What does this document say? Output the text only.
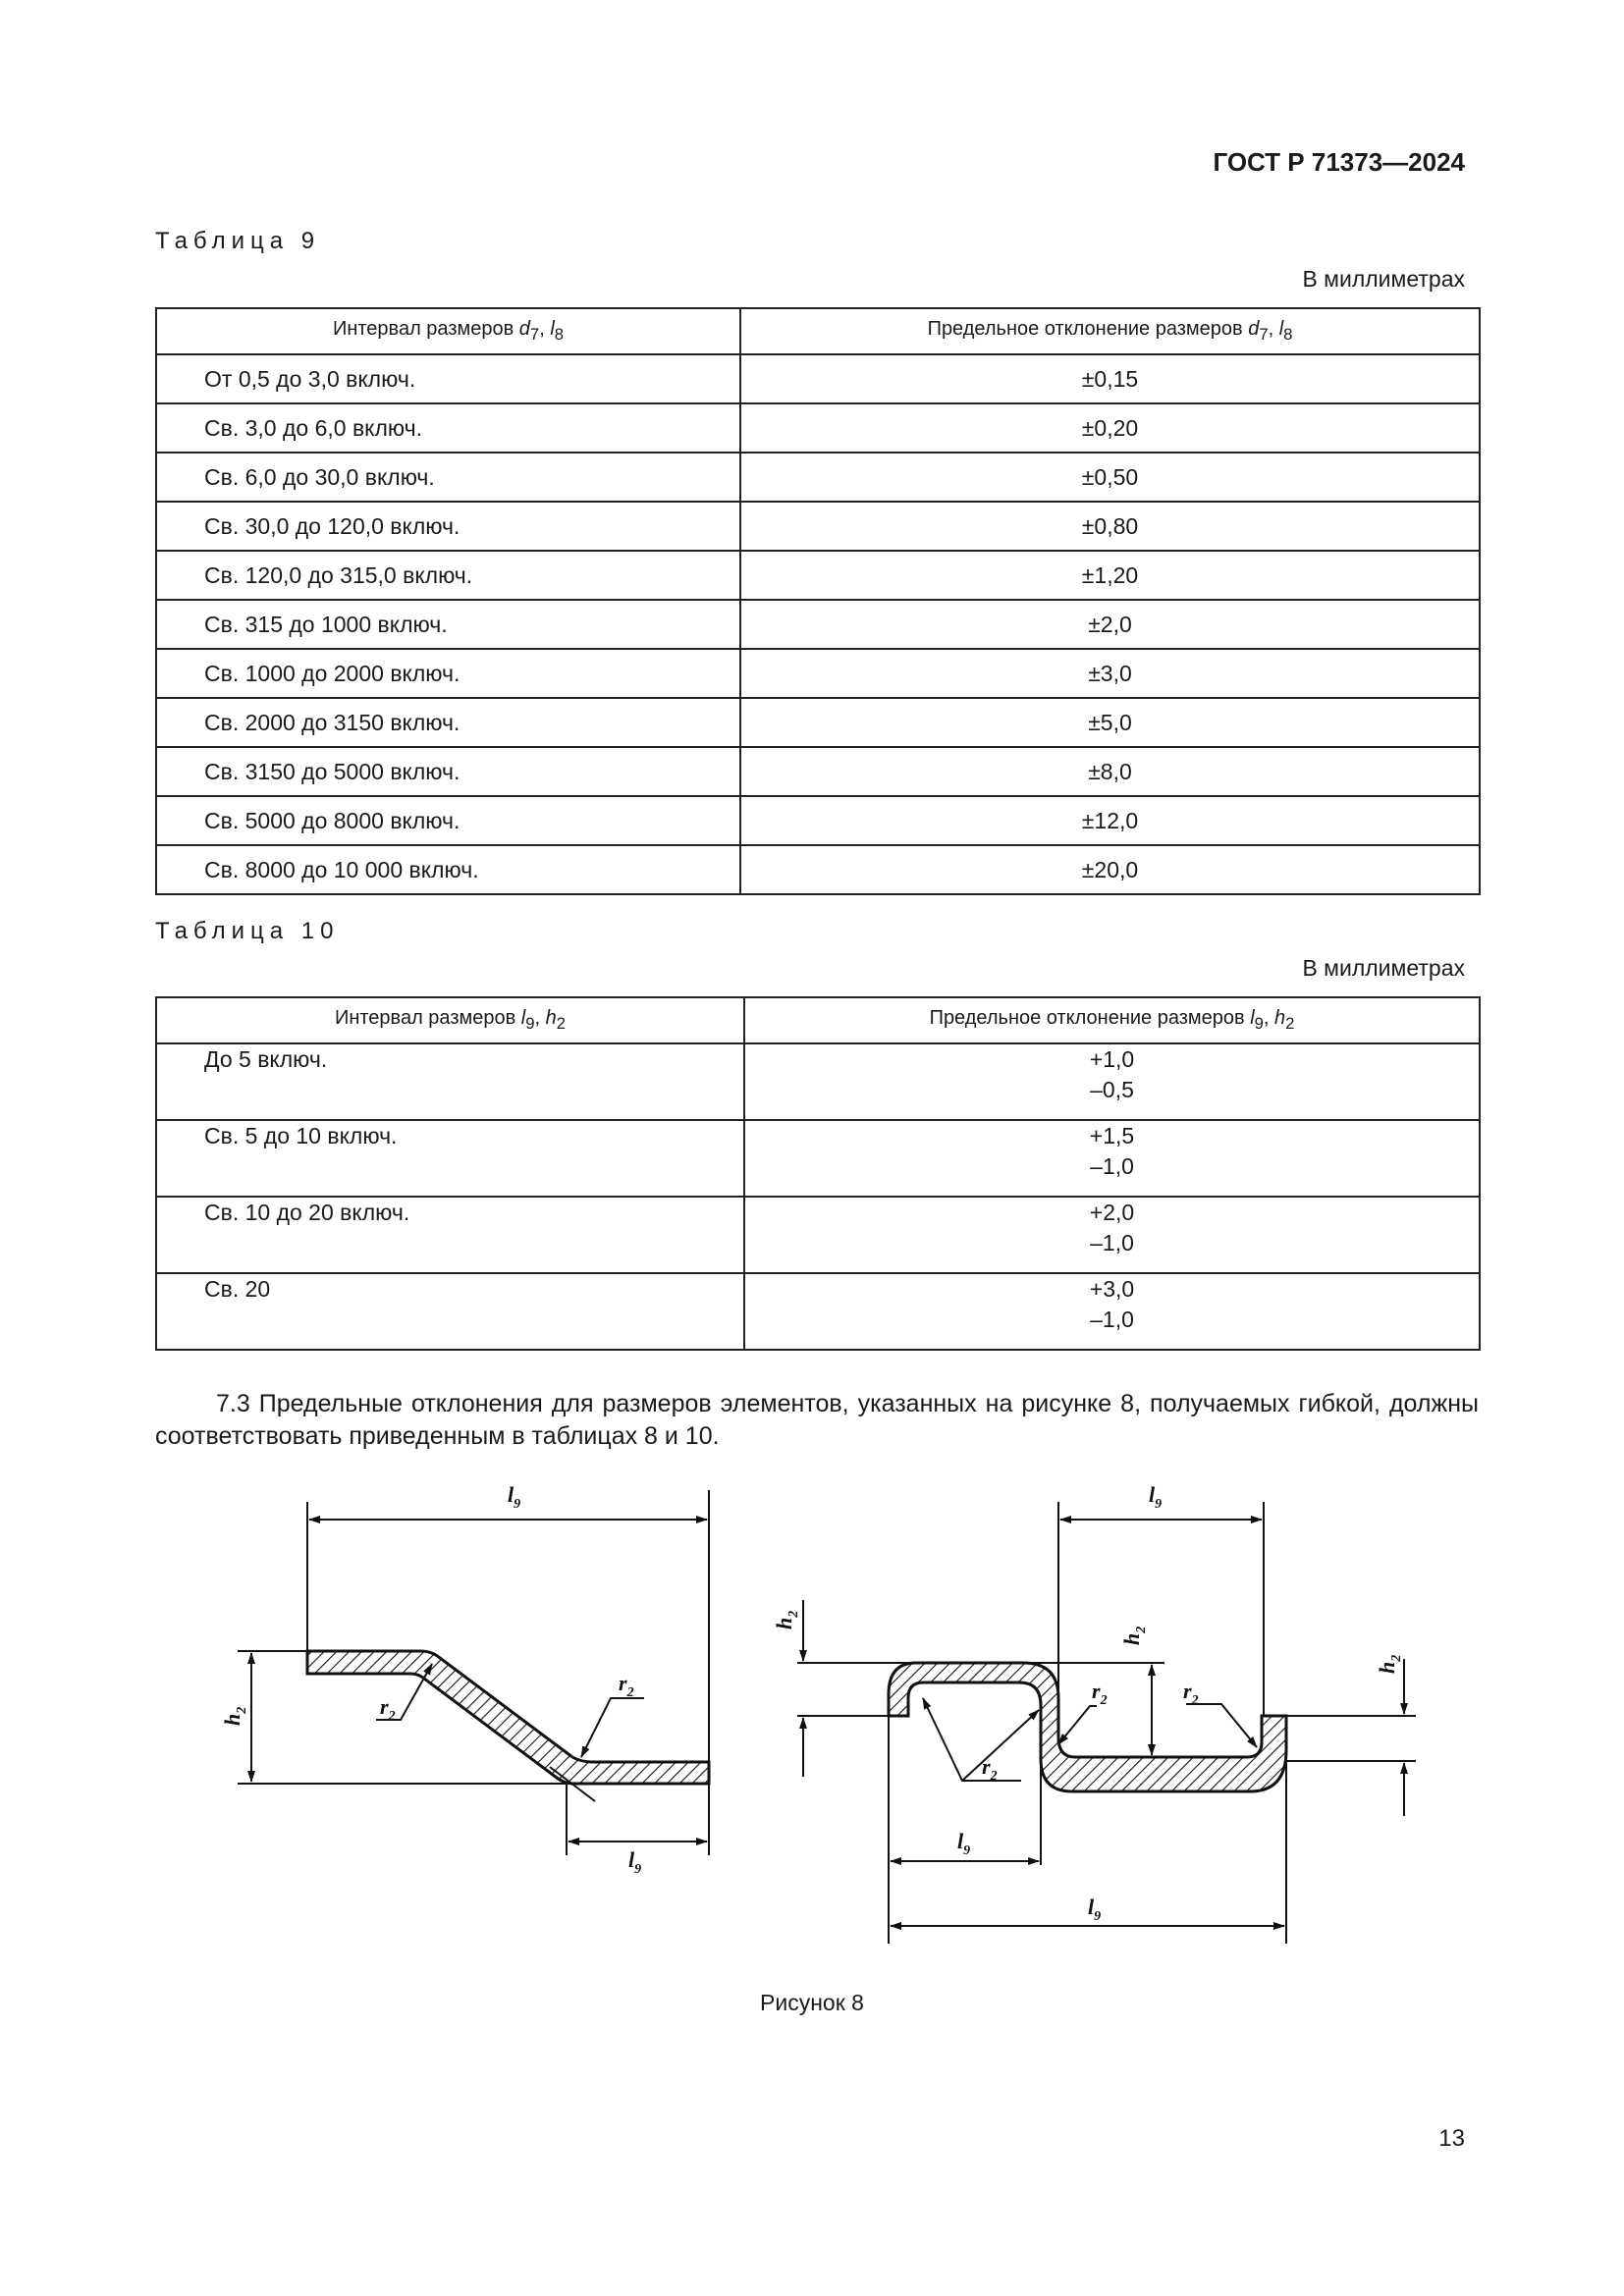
ГОСТ Р 71373—2024
Таблица 9
В миллиметрах
Интервал размеров $d_7$, $l_8$	Предельное отклонение размеров $d_7$, $l_8$
От 0,5 до 3,0 включ.	±0,15
Св. 3,0 до 6,0 включ.	±0,20
Св. 6,0 до 30,0 включ.	±0,50
Св. 30,0 до 120,0 включ.	±0,80
Св. 120,0 до 315,0 включ.	±1,20
Св. 315 до 1000 включ.	±2,0
Св. 1000 до 2000 включ.	±3,0
Св. 2000 до 3150 включ.	±5,0
Св. 3150 до 5000 включ.	±8,0
Св. 5000 до 8000 включ.	±12,0
Св. 8000 до 10 000 включ.	±20,0
Таблица 10
В миллиметрах
Интервал размеров $l_9$, $h_2$	Предельное отклонение размеров $l_9$, $h_2$
До 5 включ.	+1,0
–0,5

Св. 5 до 10 включ.	+1,5
–1,0

Св. 10 до 20 включ.	+2,0
–1,0

Св. 20	+3,0
–1,0
7.3 Предельные отклонения для размеров элементов, указанных на рисунке 8, получаемых гибкой, должны соответствовать приведенным в таблицах 8 и 10.
$l_9$
$h_2$	$r_2$
$r_2$
$l_9$
$l_9$
$h_2$
$h_2$
$h_2$
$r_2$	$r_2$
$r_2$
$l_9$
$l_9$
Рисунок 8
13
